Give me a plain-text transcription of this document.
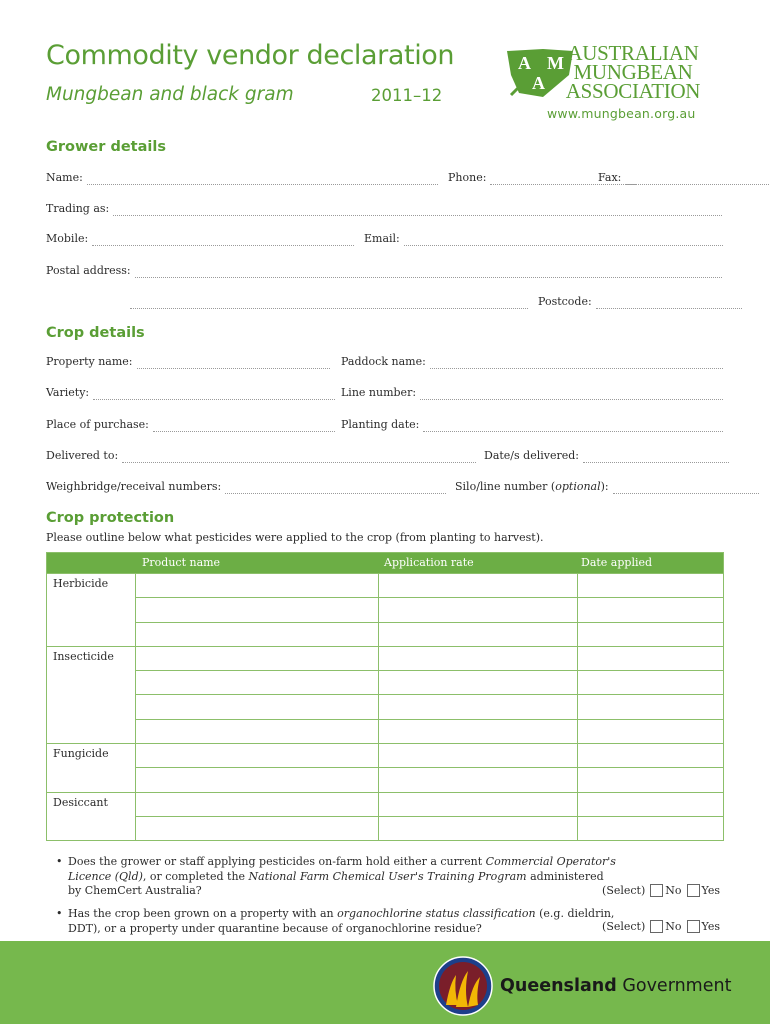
Commodity vendor declaration
Mungbean and black gram	2011–12
A M
A
AUSTRALIAN
MUNGBEAN
ASSOCIATION
www.mungbean.org.au
Grower details
Name:	Phone:	Fax:
Trading as:
Mobile:	Email:
Postal address:
Postcode:
Crop details
Property name:	Paddock name:
Variety:	Line number:
Place of purchase:	Planting date:
Delivered to:	Date/s delivered:
Weighbridge/receival numbers:	Silo/line number (optional):
Crop protection
Please outline below what pesticides were applied to the crop (from planting to harvest).
Product name	Application rate	Date applied
Herbicide
Insecticide
Fungicide
Desiccant
• Does the grower or staff applying pesticides on-farm hold either a current Commercial Operator's
Licence (Qld), or completed the National Farm Chemical User's Training Program administered
by ChemCert Australia?	(Select) No Yes
• Has the crop been grown on a property with an organochlorine status classification (e.g. dieldrin,
DDT), or a property under quarantine because of organochlorine residue?	(Select) No Yes
Queensland Government
